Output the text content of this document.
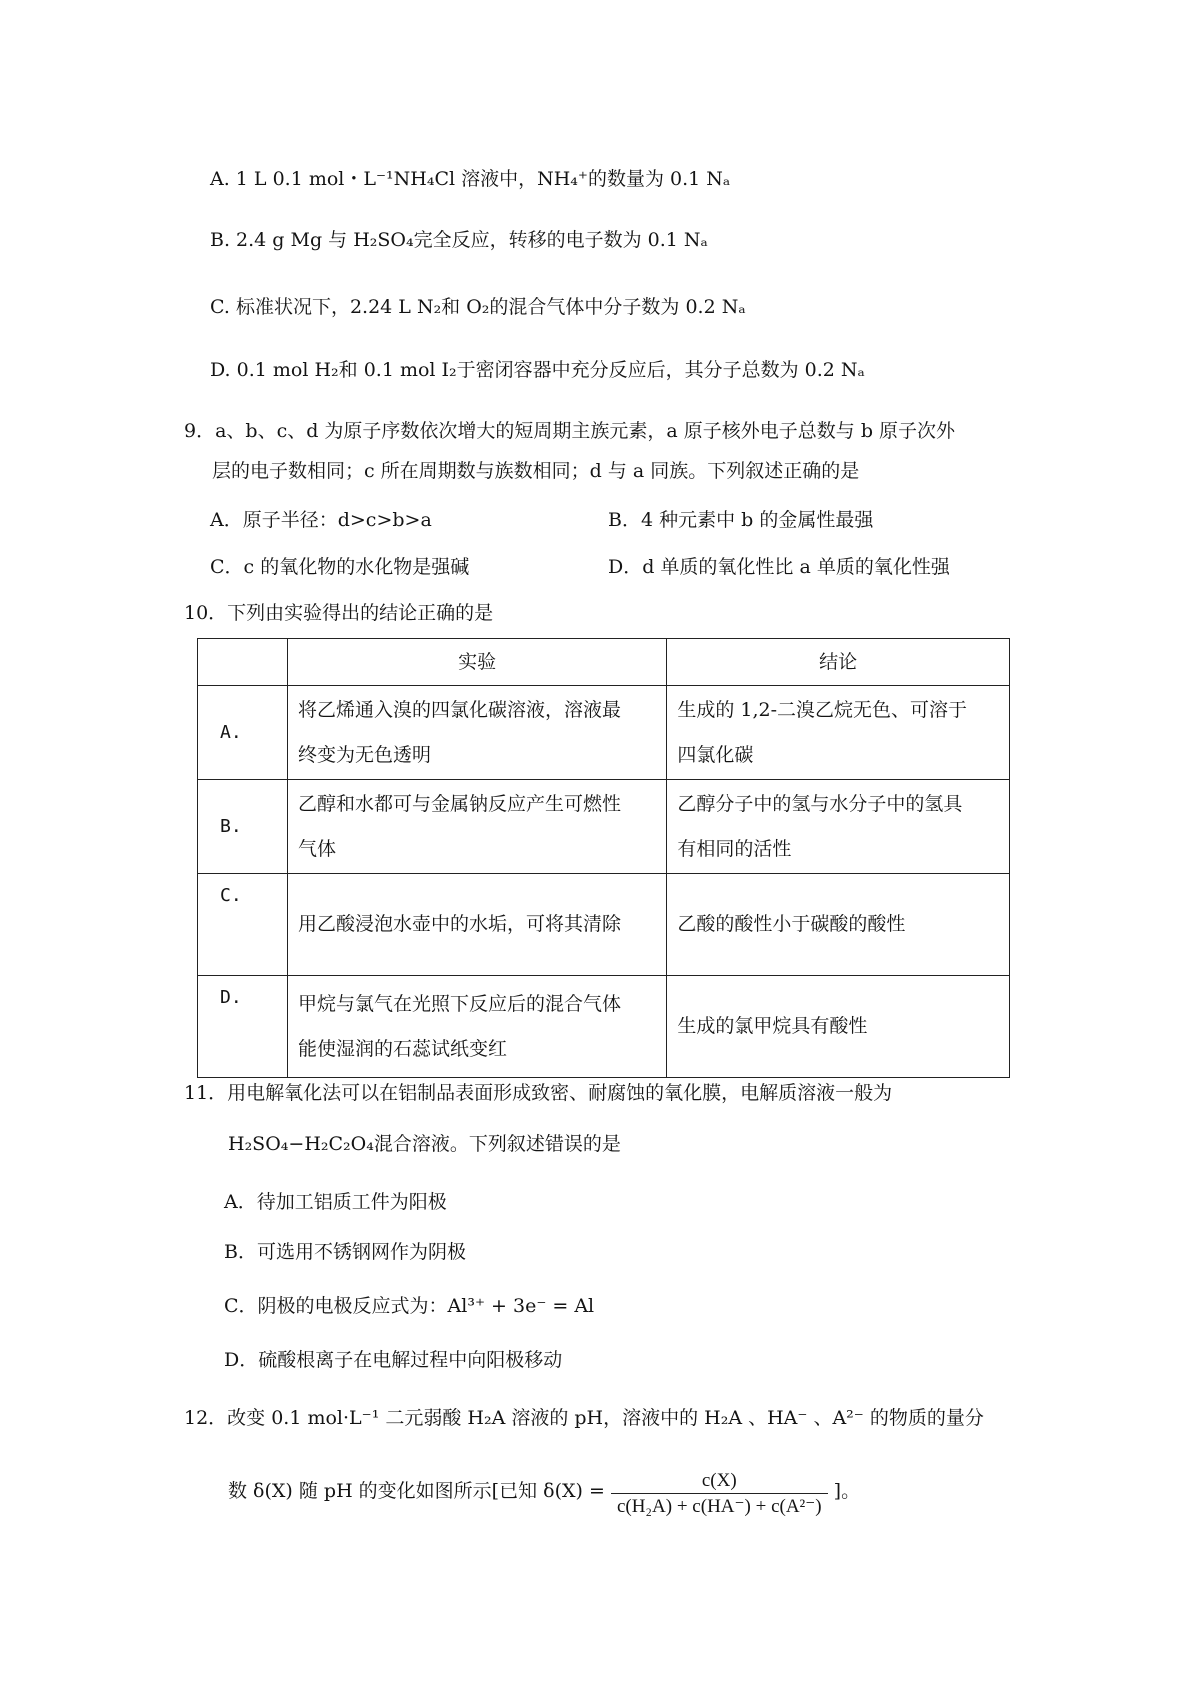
A. 1 L 0.1 mol・L⁻¹NH₄Cl 溶液中，NH₄⁺的数量为 0.1 Nₐ
B. 2.4 g Mg 与 H₂SO₄完全反应，转移的电子数为 0.1 Nₐ
C. 标准状况下，2.24 L N₂和 O₂的混合气体中分子数为 0.2 Nₐ
D. 0.1 mol H₂和 0.1 mol I₂于密闭容器中充分反应后，其分子总数为 0.2 Nₐ
9．a、b、c、d 为原子序数依次增大的短周期主族元素，a 原子核外电子总数与 b 原子次外
层的电子数相同；c 所在周期数与族数相同；d 与 a 同族。下列叙述正确的是
A．原子半径：d>c>b>a	B．4 种元素中 b 的金属性最强
C．c 的氧化物的水化物是强碱	D．d 单质的氧化性比 a 单质的氧化性强
10．下列由实验得出的结论正确的是
	实验	结论
A.	将乙烯通入溴的四氯化碳溶液，溶液最
终变为无色透明	生成的 1,2-二溴乙烷无色、可溶于
四氯化碳
B.	乙醇和水都可与金属钠反应产生可燃性
气体	乙醇分子中的氢与水分子中的氢具
有相同的活性
C.	用乙酸浸泡水壶中的水垢，可将其清除	乙酸的酸性小于碳酸的酸性
D.	甲烷与氯气在光照下反应后的混合气体
能使湿润的石蕊试纸变红	生成的氯甲烷具有酸性
11．用电解氧化法可以在铝制品表面形成致密、耐腐蚀的氧化膜，电解质溶液一般为
H₂SO₄−H₂C₂O₄混合溶液。下列叙述错误的是
A．待加工铝质工件为阳极
B．可选用不锈钢网作为阴极
C．阴极的电极反应式为：Al³⁺ + 3e⁻ = Al
D．硫酸根离子在电解过程中向阳极移动
12．改变 0.1 mol·L⁻¹ 二元弱酸 H₂A 溶液的 pH，溶液中的 H₂A 、HA⁻ 、A²⁻ 的物质的量分
数 δ(X) 随 pH 的变化如图所示[已知 $\delta(X) = \frac{c(X)}{\text{c(H₂A) + c(HA⁻) + c(A²⁻)}}$ ]。
